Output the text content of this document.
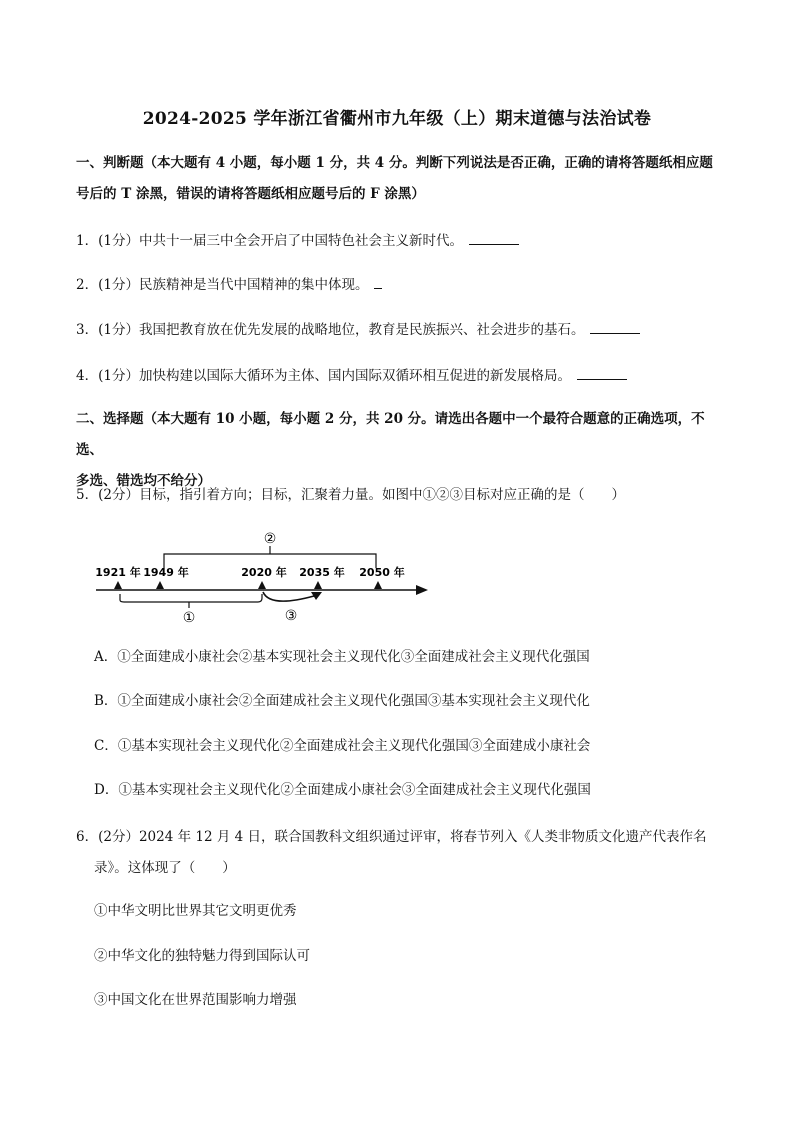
2024-2025 学年浙江省衢州市九年级（上）期末道德与法治试卷
一、判断题（本大题有 4 小题，每小题 1 分，共 4 分。判断下列说法是否正确，正确的请将答题纸相应题
号后的 T 涂黑，错误的请将答题纸相应题号后的 F 涂黑）
1．(1分）中共十一届三中全会开启了中国特色社会主义新时代。
2．(1分）民族精神是当代中国精神的集中体现。
3．(1分）我国把教育放在优先发展的战略地位，教育是民族振兴、社会进步的基石。
4．(1分）加快构建以国际大循环为主体、国内国际双循环相互促进的新发展格局。
二、选择题（本大题有 10 小题，每小题 2 分，共 20 分。请选出各题中一个最符合题意的正确选项，不选、
多选、错选均不给分）
5．(2分）目标，指引着方向；目标，汇聚着力量。如图中①②③目标对应正确的是（　　）
②
1921 年 1949 年	2020 年 2035 年 2050 年
①	③
A．①全面建成小康社会②基本实现社会主义现代化③全面建成社会主义现代化强国
B．①全面建成小康社会②全面建成社会主义现代化强国③基本实现社会主义现代化
C．①基本实现社会主义现代化②全面建成社会主义现代化强国③全面建成小康社会
D．①基本实现社会主义现代化②全面建成小康社会③全面建成社会主义现代化强国
6．(2分）2024 年 12 月 4 日，联合国教科文组织通过评审，将春节列入《人类非物质文化遗产代表作名
录》。这体现了（　　）
①中华文明比世界其它文明更优秀
②中华文化的独特魅力得到国际认可
③中国文化在世界范围影响力增强
